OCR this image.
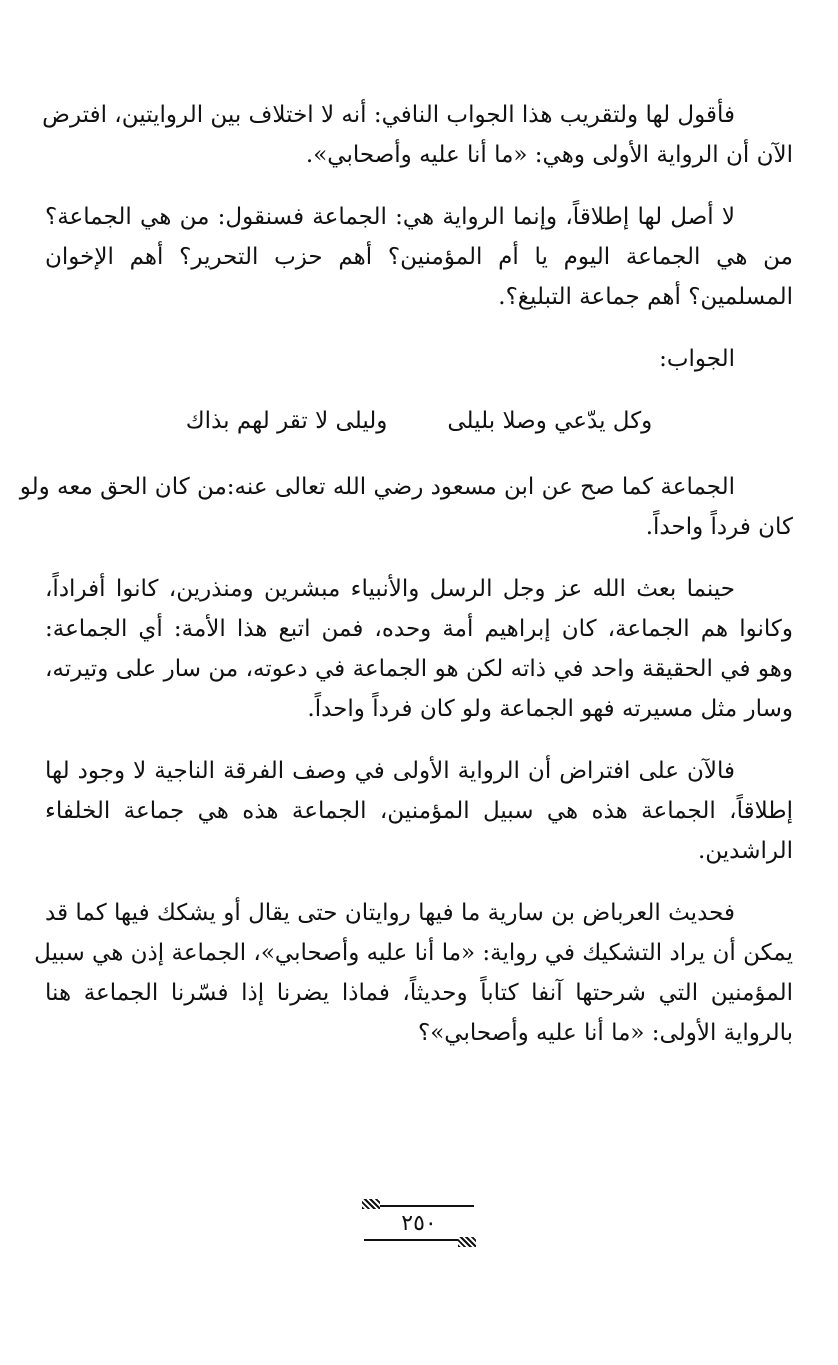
فأقول لها ولتقريب هذا الجواب النافي: أنه لا اختلاف بين الروايتين، افترض
الآن أن الرواية الأولى وهي: «ما أنا عليه وأصحابي».
لا أصل لها إطلاقاً، وإنما الرواية هي: الجماعة فسنقول: من هي الجماعة؟
من هي الجماعة اليوم يا أم المؤمنين؟ أهم حزب التحرير؟ أهم الإخوان
المسلمين؟ أهم جماعة التبليغ؟.
الجواب:
وكل يدّعي وصلا بليلى
وليلى لا تقر لهم بذاك
الجماعة كما صح عن ابن مسعود رضي الله تعالى عنه:من كان الحق معه ولو
كان فرداً واحداً.
حينما بعث الله عز وجل الرسل والأنبياء مبشرين ومنذرين، كانوا أفراداً،
وكانوا هم الجماعة، كان إبراهيم أمة وحده، فمن اتبع هذا الأمة: أي الجماعة:
وهو في الحقيقة واحد في ذاته لكن هو الجماعة في دعوته، من سار على وتيرته،
وسار مثل مسيرته فهو الجماعة ولو كان فرداً واحداً.
فالآن على افتراض أن الرواية الأولى في وصف الفرقة الناجية لا وجود لها
إطلاقاً، الجماعة هذه هي سبيل المؤمنين، الجماعة هذه هي جماعة الخلفاء
الراشدين.
فحديث العرباض بن سارية ما فيها روايتان حتى يقال أو يشكك فيها كما قد
يمكن أن يراد التشكيك في رواية: «ما أنا عليه وأصحابي»، الجماعة إذن هي سبيل
المؤمنين التي شرحتها آنفا كتاباً وحديثاً، فماذا يضرنا إذا فسّرنا الجماعة هنا
بالرواية الأولى: «ما أنا عليه وأصحابي»؟
٢٥٠
